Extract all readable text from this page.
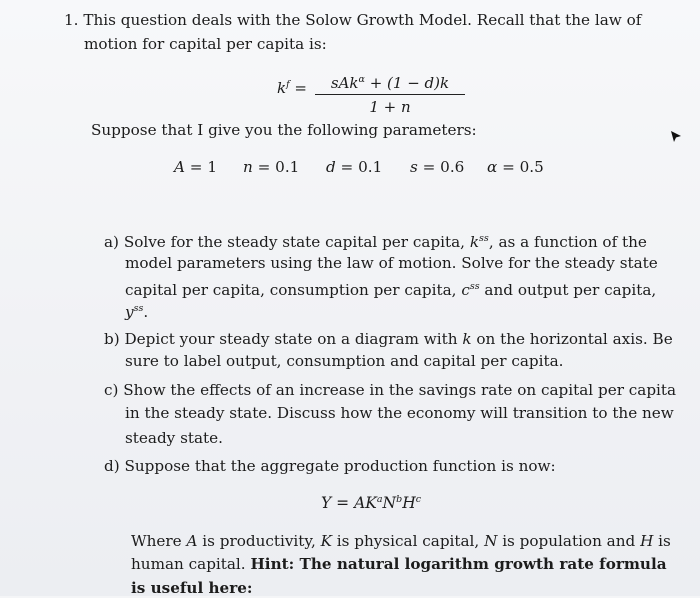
1. This question deals with the Solow Growth Model. Recall that the law of
motion for capital per capita is:
$k^f$ =	sAk$^\alpha$ + (1 − d)k
1 + n
Suppose that I give you the following parameters:
A = 1 n = 0.1 d = 0.1 s = 0.6 α = 0.5
a) Solve for the steady state capital per capita, $k^{ss}$, as a function of the
model parameters using the law of motion. Solve for the steady state
capital per capita, consumption per capita, $c^{ss}$ and output per capita,
$y^{ss}$.
b) Depict your steady state on a diagram with k on the horizontal axis. Be
sure to label output, consumption and capital per capita.
c) Show the effects of an increase in the savings rate on capital per capita
in the steady state. Discuss how the economy will transition to the new
steady state.
d) Suppose that the aggregate production function is now:
$Y = AK^aN^bH^c$
Where A is productivity, K is physical capital, N is population and H is
human capital. Hint: The natural logarithm growth rate formula
is useful here:
